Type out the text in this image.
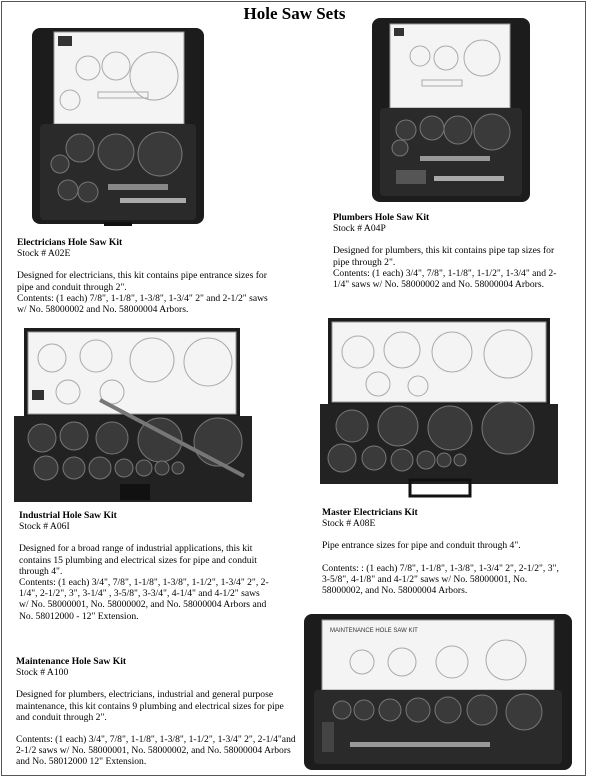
Hole Saw Sets
MAINTENANCE HOLE SAW KIT
Electricians Hole Saw Kit
Stock # A02E
Designed for electricians, this kit contains pipe entrance sizes for pipe and conduit through 2".
Contents: (1 each) 7/8", 1-1/8", 1-3/8", 1-3/4" 2" and 2-1/2" saws w/ No. 58000002 and No. 58000004 Arbors.
Plumbers Hole Saw Kit
Stock # A04P
Designed for plumbers, this kit contains pipe tap sizes for pipe through 2".
Contents: (1 each) 3/4", 7/8", 1-1/8", 1-1/2", 1-3/4" and 2-1/4" saws w/ No. 58000002 and No. 58000004 Arbors.
Industrial Hole Saw Kit
Stock # A06I
Designed for a broad range of industrial applications, this kit contains 15 plumbing and electrical sizes for pipe and conduit through 4".
Contents: (1 each) 3/4", 7/8", 1-1/8", 1-3/8", 1-1/2", 1-3/4" 2", 2-1/4", 2-1/2", 3", 3-1/4" , 3-5/8", 3-3/4", 4-1/4" and 4-1/2" saws w/ No. 58000001, No. 58000002, and No. 58000004 Arbors and No. 58012000 - 12" Extension.
Master Electricians Kit
Stock # A08E
Pipe entrance sizes for pipe and conduit through 4".
Contents: : (1 each) 7/8", 1-1/8", 1-3/8", 1-3/4" 2", 2-1/2", 3", 3-5/8", 4-1/8" and 4-1/2" saws w/ No. 58000001, No. 58000002, and No. 58000004 Arbors.
Maintenance Hole Saw Kit
Stock # A100
Designed for plumbers, electricians, industrial and general purpose maintenance, this kit contains 9 plumbing and electrical sizes for pipe and conduit through 2".
Contents: (1 each) 3/4", 7/8", 1-1/8", 1-3/8", 1-1/2", 1-3/4" 2", 2-1/4"and 2-1/2 saws w/ No. 58000001, No. 58000002, and No. 58000004 Arbors and No. 58012000 12" Extension.
